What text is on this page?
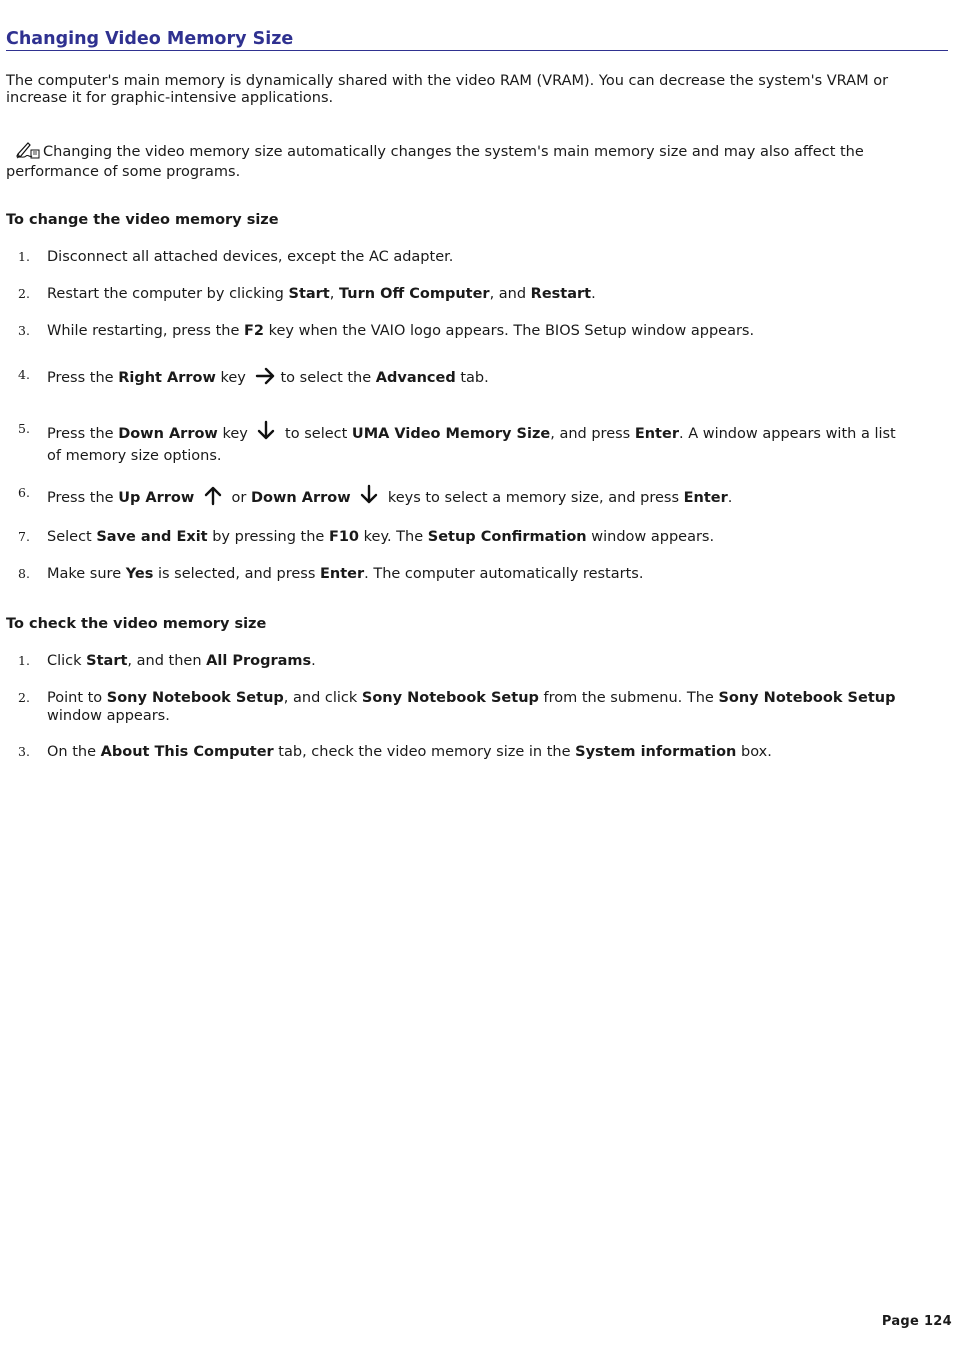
Changing Video Memory Size

The computer's main memory is dynamically shared with the video RAM (VRAM). You can decrease the system's VRAM or
increase it for graphic-intensive applications.

Changing the video memory size automatically changes the system's main memory size and may also affect the
performance of some programs.

To change the video memory size
1. Disconnect all attached devices, except the AC adapter.

2. Restart the computer by clicking Start, Turn Off Computer, and Restart.

3. While restarting, press the F2 key when the VAIO logo appears. The BIOS Setup window appears.

4. Press the Right Arrow key to select the Advanced tab.

5. Press the Down Arrow key  to select UMA Video Memory Size, and press Enter. A window appears with a list of memory size options.

6. Press the Up Arrow  or Down Arrow  keys to select a memory size, and press Enter.

7. Select Save and Exit by pressing the F10 key. The Setup Confirmation window appears.

8. Make sure Yes is selected, and press Enter. The computer automatically restarts.

To check the video memory size
1. Click Start, and then All Programs.

2. Point to Sony Notebook Setup, and click Sony Notebook Setup from the submenu. The Sony Notebook Setup window appears.

3. On the About This Computer tab, check the video memory size in the System information box.

Page 124
